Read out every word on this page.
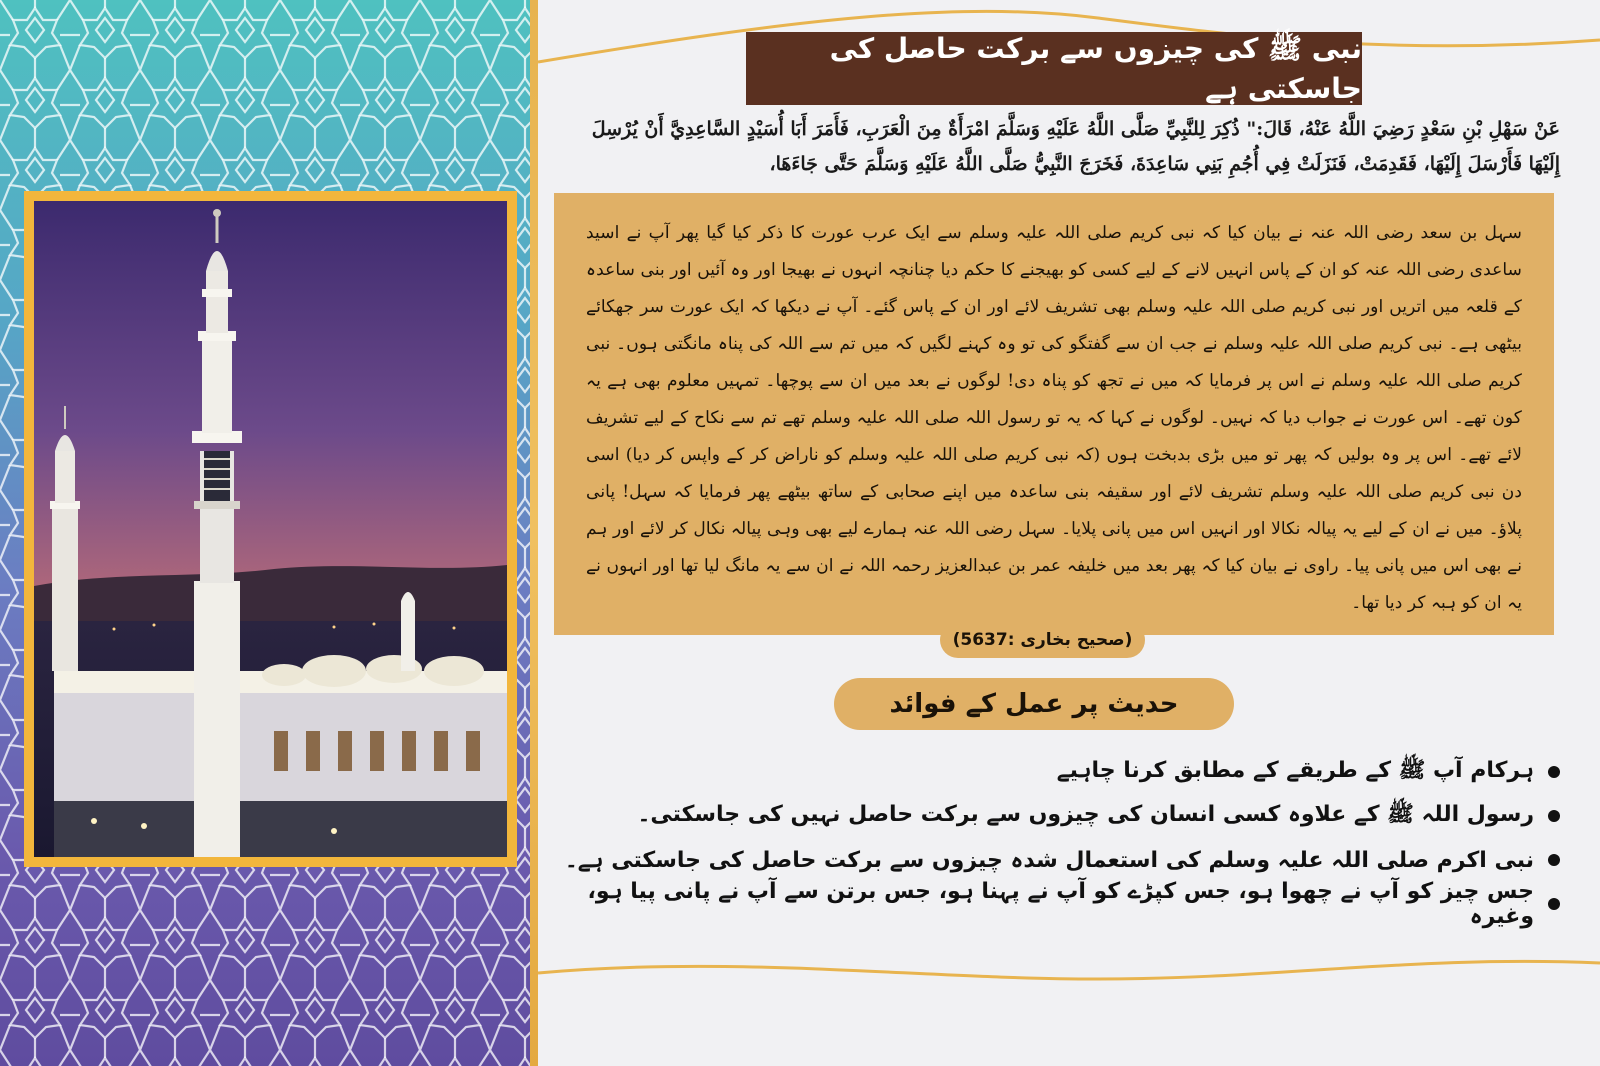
نبی ﷺ کی چیزوں سے برکت حاصل کی جاسکتی ہے
عَنْ سَهْلِ بْنِ سَعْدٍ رَضِيَ اللَّهُ عَنْهُ، قَالَ:" ذُكِرَ لِلنَّبِيِّ صَلَّى اللَّهُ عَلَيْهِ وَسَلَّمَ امْرَأَةٌ مِنَ الْعَرَبِ، فَأَمَرَ أَبَا أُسَيْدٍ السَّاعِدِيَّ أَنْ يُرْسِلَ إِلَيْهَا فَأَرْسَلَ إِلَيْهَا، فَقَدِمَتْ، فَنَزَلَتْ فِي أُجُمِ بَنِي سَاعِدَةَ، فَخَرَجَ النَّبِيُّ صَلَّى اللَّهُ عَلَيْهِ وَسَلَّمَ حَتَّى جَاءَهَا،
سہل بن سعد رضی اللہ عنہ نے بیان کیا کہ نبی کریم صلی اللہ علیہ وسلم سے ایک عرب عورت کا ذکر کیا گیا پھر آپ نے اسید ساعدی رضی اللہ عنہ کو ان کے پاس انہیں لانے کے لیے کسی کو بھیجنے کا حکم دیا چنانچہ انہوں نے بھیجا اور وہ آئیں اور بنی ساعدہ کے قلعہ میں اتریں اور نبی کریم صلی اللہ علیہ وسلم بھی تشریف لائے اور ان کے پاس گئے۔ آپ نے دیکھا کہ ایک عورت سر جھکائے بیٹھی ہے۔ نبی کریم صلی اللہ علیہ وسلم نے جب ان سے گفتگو کی تو وہ کہنے لگیں کہ میں تم سے اللہ کی پناہ مانگتی ہوں۔ نبی کریم صلی اللہ علیہ وسلم نے اس پر فرمایا کہ میں نے تجھ کو پناہ دی! لوگوں نے بعد میں ان سے پوچھا۔ تمہیں معلوم بھی ہے یہ کون تھے۔ اس عورت نے جواب دیا کہ نہیں۔ لوگوں نے کہا کہ یہ تو رسول اللہ صلی اللہ علیہ وسلم تھے تم سے نکاح کے لیے تشریف لائے تھے۔ اس پر وہ بولیں کہ پھر تو میں بڑی بدبخت ہوں (کہ نبی کریم صلی اللہ علیہ وسلم کو ناراض کر کے واپس کر دیا) اسی دن نبی کریم صلی اللہ علیہ وسلم تشریف لائے اور سقیفہ بنی ساعدہ میں اپنے صحابی کے ساتھ بیٹھے پھر فرمایا کہ سہل! پانی پلاؤ۔ میں نے ان کے لیے یہ پیالہ نکالا اور انہیں اس میں پانی پلایا۔ سہل رضی اللہ عنہ ہمارے لیے بھی وہی پیالہ نکال کر لائے اور ہم نے بھی اس میں پانی پیا۔ راوی نے بیان کیا کہ پھر بعد میں خلیفہ عمر بن عبدالعزیز رحمہ اللہ نے ان سے یہ مانگ لیا تھا اور انہوں نے یہ ان کو ہبہ کر دیا تھا۔
(صحیح بخاری :5637)
حدیث پر عمل کے فوائد
ہرکام آپ ﷺ کے طریقے کے مطابق کرنا چاہیے
رسول اللہ ﷺ کے علاوہ کسی انسان کی چیزوں سے برکت حاصل نہیں کی جاسکتی۔
نبی اکرم صلی اللہ علیہ وسلم کی استعمال شدہ چیزوں سے برکت حاصل کی جاسکتی ہے۔
جس چیز کو آپ نے چھوا ہو، جس کپڑے کو آپ نے پہنا ہو، جس برتن سے آپ نے پانی پیا ہو، وغیرہ
